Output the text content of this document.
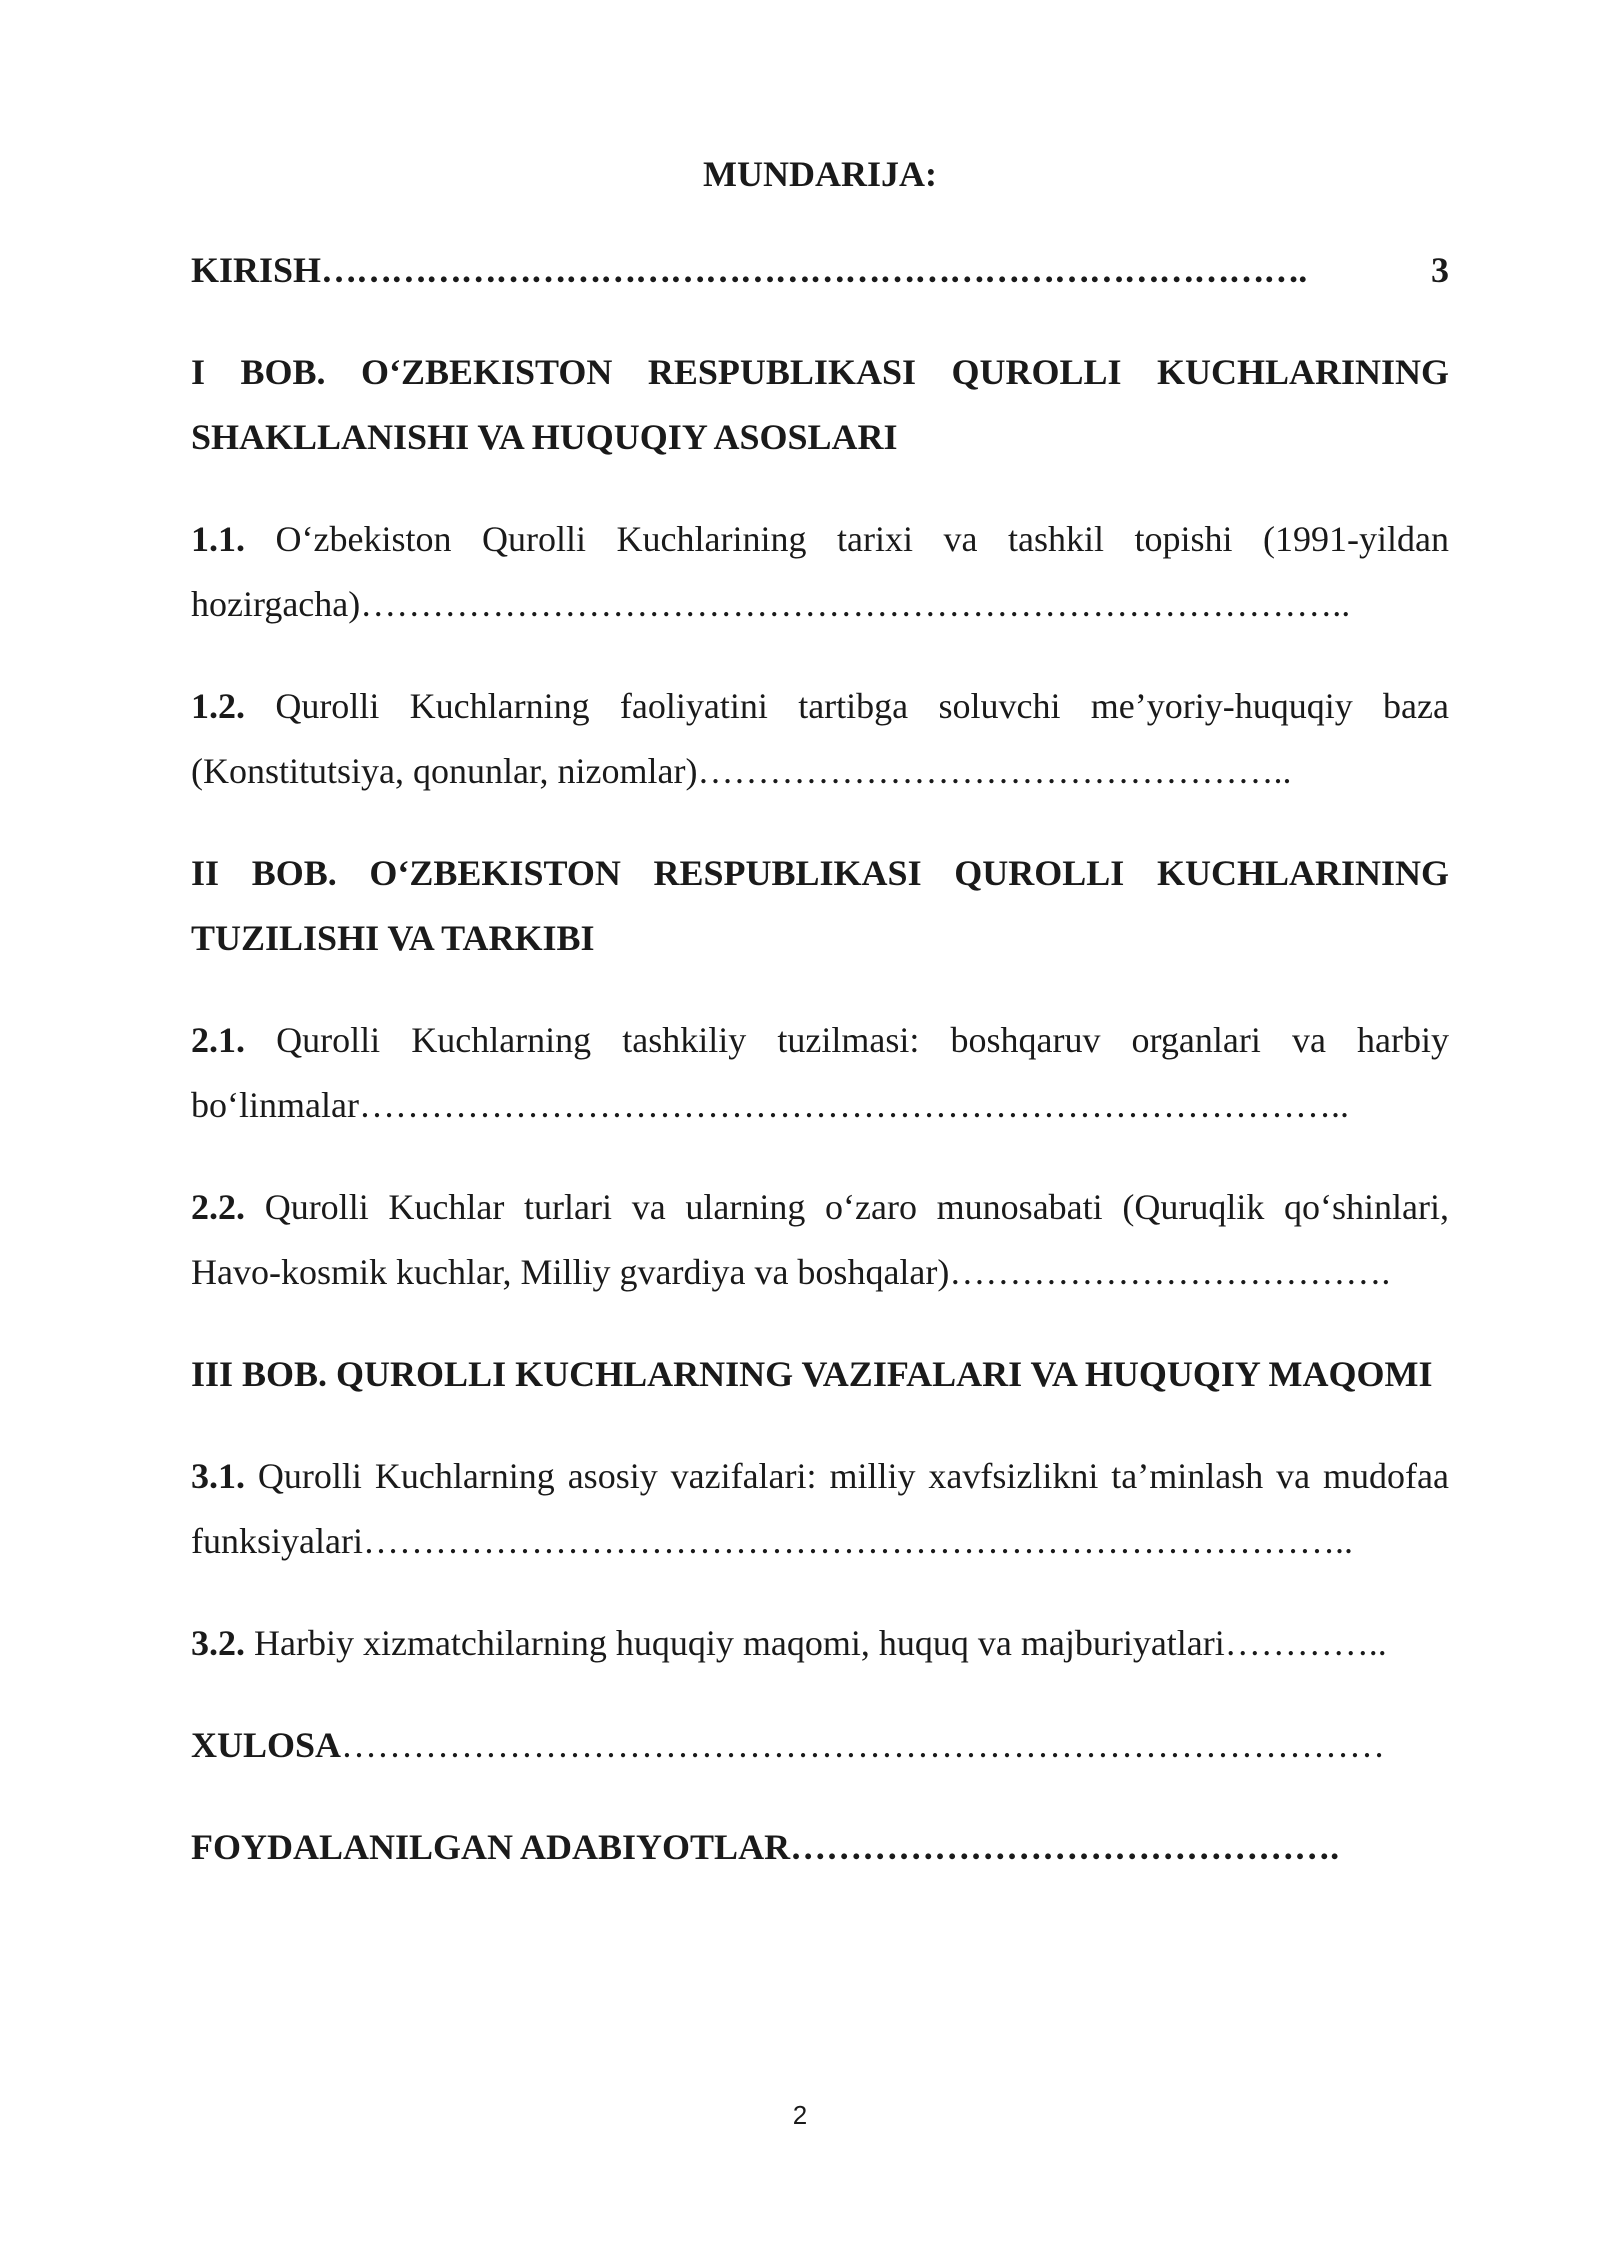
MUNDARIJA:
KIRISH ………………………………………………………………………….	3
I BOB. O‘ZBEKISTON RESPUBLIKASI QUROLLI KUCHLARINING SHAKLLANISHI VA HUQUQIY ASOSLARI
1.1. O‘zbekiston Qurolli Kuchlarining tarixi va tashkil topishi (1991-yildan hozirgacha)………………………………………………………………………..
1.2. Qurolli Kuchlarning faoliyatini tartibga soluvchi me’yoriy-huquqiy baza (Konstitutsiya, qonunlar, nizomlar)…………………………………………..
II BOB. O‘ZBEKISTON RESPUBLIKASI QUROLLI KUCHLARINING TUZILISHI VA TARKIBI
2.1. Qurolli Kuchlarning tashkiliy tuzilmasi: boshqaruv organlari va harbiy bo‘linmalar………………………………………………………………………..
2.2. Qurolli Kuchlar turlari va ularning o‘zaro munosabati (Quruqlik qo‘shinlari, Havo-kosmik kuchlar, Milliy gvardiya va boshqalar)……………………………….
III BOB. QUROLLI KUCHLARNING VAZIFALARI VA HUQUQIY MAQOMI
3.1. Qurolli Kuchlarning asosiy vazifalari: milliy xavfsizlikni ta’minlash va mudofaa funksiyalari………………………………………………………………………..
3.2. Harbiy xizmatchilarning huquqiy maqomi, huquq va majburiyatlari…………..
XULOSA ……………………………………………………………………………
FOYDALANILGAN ADABIYOTLAR ……………………………………….
2
